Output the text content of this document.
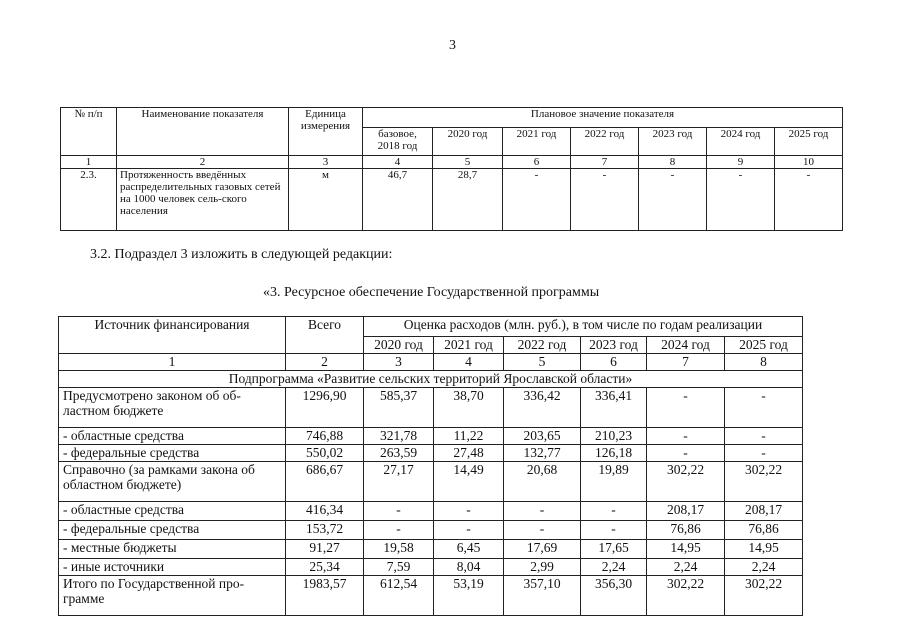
3
№ п/п	Наименование показателя	Единица измерения	Плановое значение показателя						
			базовое, 2018 год	2020 год	2021 год	2022 год	2023 год	2024 год	2025 год
1	2	3	4	5	6	7	8	9	10
2.3.	Протяженность введённых распределительных газовых сетей на 1000 человек сель-ского населения	м	46,7	28,7	-	-	-	-	-
3.2. Подраздел 3 изложить в следующей редакции:
«3. Ресурсное обеспечение Государственной программы
Источник финансирования	Всего	Оценка расходов (млн. руб.), в том числе по годам реализации					
		2020 год	2021 год	2022 год	2023 год	2024 год	2025 год
1	2	3	4	5	6	7	8
Подпрограмма «Развитие сельских территорий Ярославской области»							
Предусмотрено законом об об-ластном бюджете	1296,90	585,37	38,70	336,42	336,41	-	-
- областные средства	746,88	321,78	11,22	203,65	210,23	-	-
- федеральные средства	550,02	263,59	27,48	132,77	126,18	-	-
Справочно (за рамками закона об областном бюджете)	686,67	27,17	14,49	20,68	19,89	302,22	302,22
- областные средства	416,34	-	-	-	-	208,17	208,17
- федеральные средства	153,72	-	-	-	-	76,86	76,86
- местные бюджеты	91,27	19,58	6,45	17,69	17,65	14,95	14,95
- иные источники	25,34	7,59	8,04	2,99	2,24	2,24	2,24
Итого по Государственной про-грамме	1983,57	612,54	53,19	357,10	356,30	302,22	302,22
